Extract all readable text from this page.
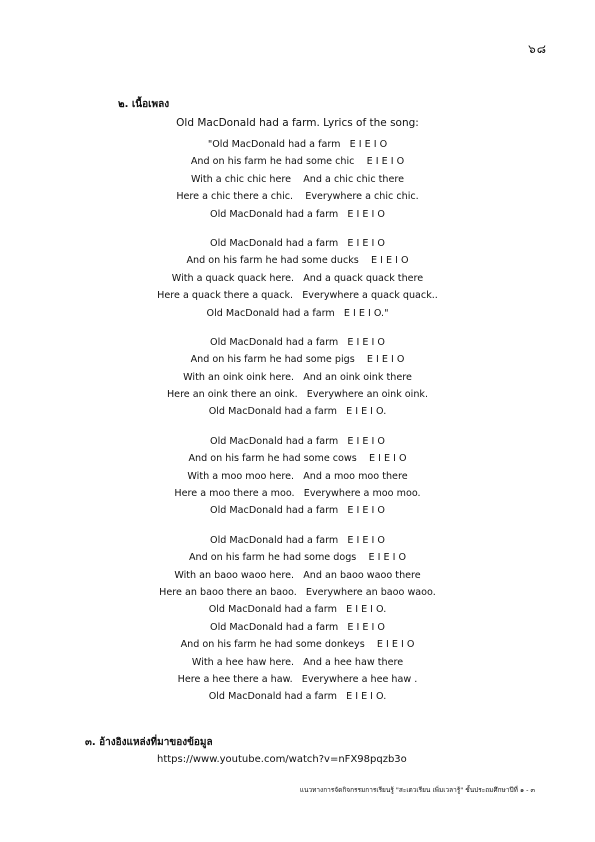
๖๘
๒. เนื้อเพลง
Old MacDonald had a farm. Lyrics of the song:
"Old MacDonald had a farm   E I E I O
And on his farm he had some chic    E I E I O
With a chic chic here    And a chic chic there
Here a chic there a chic.    Everywhere a chic chic.
Old MacDonald had a farm   E I E I O
Old MacDonald had a farm   E I E I O
And on his farm he had some ducks    E I E I O
With a quack quack here.   And a quack quack there
Here a quack there a quack.   Everywhere a quack quack..
Old MacDonald had a farm   E I E I O."
Old MacDonald had a farm   E I E I O
And on his farm he had some pigs    E I E I O
With an oink oink here.   And an oink oink there
Here an oink there an oink.   Everywhere an oink oink.
Old MacDonald had a farm   E I E I O.
Old MacDonald had a farm   E I E I O
And on his farm he had some cows    E I E I O
With a moo moo here.   And a moo moo there
Here a moo there a moo.   Everywhere a moo moo.
Old MacDonald had a farm   E I E I O
Old MacDonald had a farm   E I E I O
And on his farm he had some dogs    E I E I O
With an baoo waoo here.   And an baoo waoo there
Here an baoo there an baoo.   Everywhere an baoo waoo.
Old MacDonald had a farm   E I E I O.
Old MacDonald had a farm   E I E I O
And on his farm he had some donkeys    E I E I O
With a hee haw here.   And a hee haw there
Here a hee there a haw.   Everywhere a hee haw .
Old MacDonald had a farm   E I E I O.
๓. อ้างอิงแหล่งที่มาของข้อมูล
https://www.youtube.com/watch?v=nFX98pqzb3o
แนวทางการจัดกิจกรรมการเรียนรู้ "สะเตวเรียน เพิ่มเวลารู้" ชั้นประถมศึกษาปีที่ ๑ - ๓
